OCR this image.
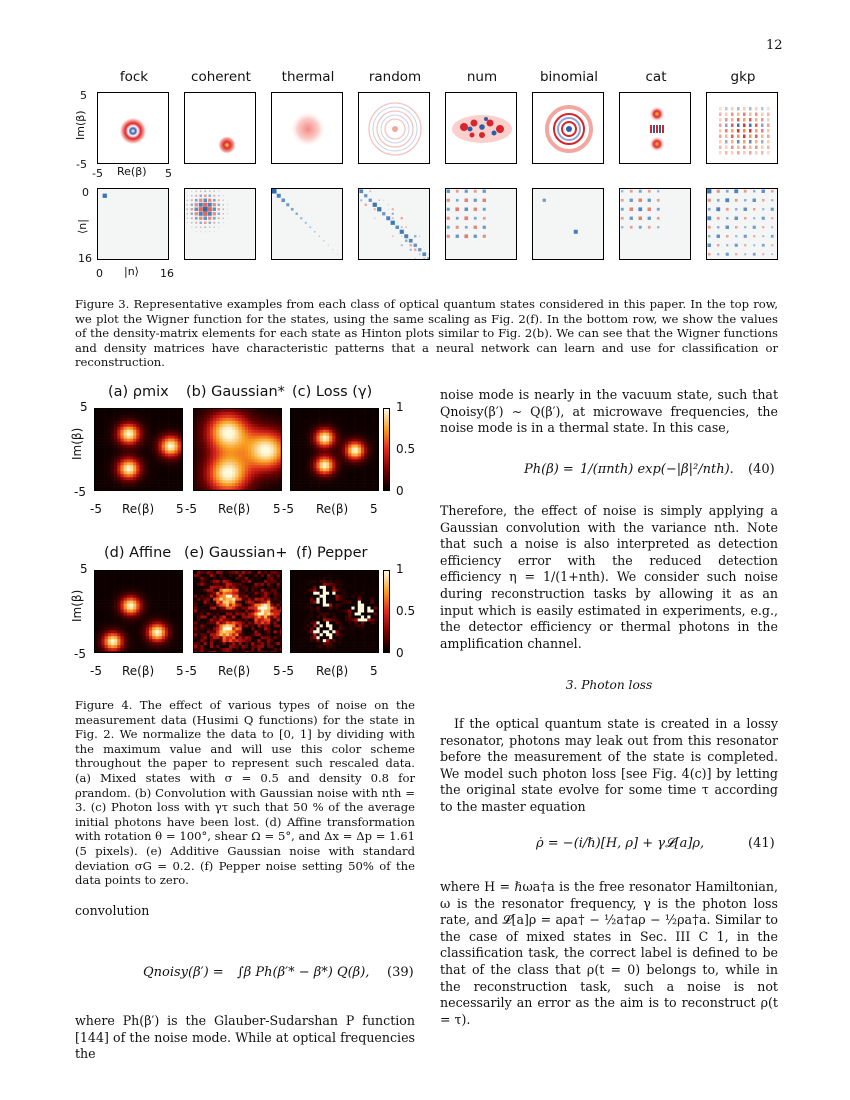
12
fock	coherent	thermal	random	num	binomial	cat	gkp
5
-5
Im(β)
-5	5
Re(β)
0
16
⟨n|
0	16
|n⟩
Figure 3. Representative examples from each class of optical quantum states considered in this paper. In the top row, we plot the Wigner function for the states, using the same scaling as Fig. 2(f). In the bottom row, we show the values of the density-matrix elements for each state as Hinton plots similar to Fig. 2(b). We can see that the Wigner functions and density matrices have characteristic patterns that a neural network can learn and use for classification or reconstruction.
(a) ρmix (b) Gaussian* (c) Loss (γ)
5
-5
Im(β)
1
0.5
0
-5 Re(β) 5 -5 Re(β) 5 -5 Re(β) 5
(d) Affine (e) Gaussian+ (f) Pepper
5
-5
Im(β)
1
0.5
0
-5 Re(β) 5 -5 Re(β) 5 -5 Re(β) 5
Figure 4. The effect of various types of noise on the measurement data (Husimi Q functions) for the state in Fig. 2. We normalize the data to [0, 1] by dividing with the maximum value and will use this color scheme throughout the paper to represent such rescaled data. (a) Mixed states with σ = 0.5 and density 0.8 for ρrandom. (b) Convolution with Gaussian noise with nth = 3. (c) Photon loss with γτ such that 50 % of the average initial photons have been lost. (d) Affine transformation with rotation θ = 100°, shear Ω = 5°, and Δx = Δp = 1.61 (5 pixels). (e) Additive Gaussian noise with standard deviation σG = 0.2. (f) Pepper noise setting 50% of the data points to zero.
convolution
Qnoisy(β′) = ∫β Ph(β′* − β*) Q(β), (39)
where Ph(β′) is the Glauber-Sudarshan P function [144] of the noise mode. While at optical frequencies the
noise mode is nearly in the vacuum state, such that Qnoisy(β′) ∼ Q(β′), at microwave frequencies, the noise mode is in a thermal state. In this case,
Ph(β) = 1/(πnth) exp(−|β|²/nth). (40)
Therefore, the effect of noise is simply applying a Gaussian convolution with the variance nth. Note that such a noise is also interpreted as detection efficiency error with the reduced detection efficiency η = 1/(1+nth). We consider such noise during reconstruction tasks by allowing it as an input which is easily estimated in experiments, e.g., the detector efficiency or thermal photons in the amplification channel.
3. Photon loss
If the optical quantum state is created in a lossy resonator, photons may leak out from this resonator before the measurement of the state is completed. We model such photon loss [see Fig. 4(c)] by letting the original state evolve for some time τ according to the master equation
ρ̇ = −(i/ℏ)[H, ρ] + γ𝓛[a]ρ,	(41)
where H = ℏωa†a is the free resonator Hamiltonian, ω is the resonator frequency, γ is the photon loss rate, and 𝓛[a]ρ = aρa† − ½a†aρ − ½ρa†a. Similar to the case of mixed states in Sec. III C 1, in the classification task, the correct label is defined to be that of the class that ρ(t = 0) belongs to, while in the reconstruction task, such a noise is not necessarily an error as the aim is to reconstruct ρ(t = τ).
